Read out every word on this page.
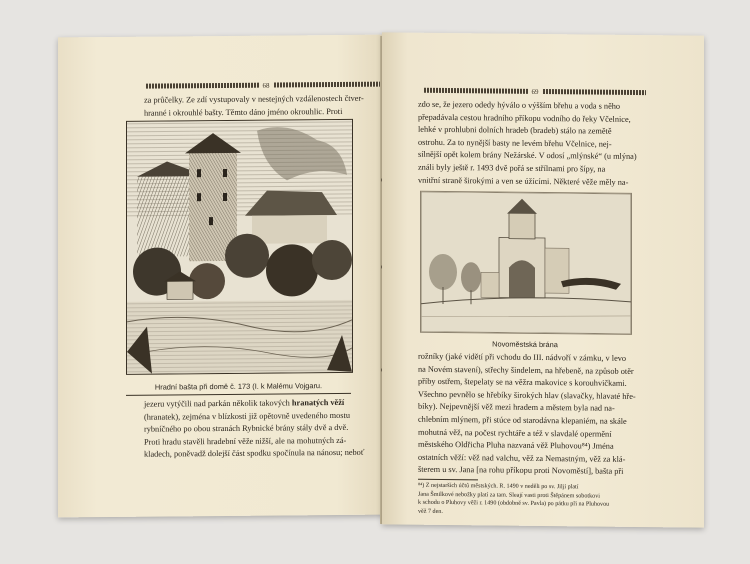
68

za průčelky. Ze zdí vystupovaly v nestejných vzdálenostech čtver-

hranné i okrouhlé bašty. Těmto dáno jméno okrouhlic. Proti

Hradní bašta při domě č. 173 (I. k Malému Vojgaru.

jezeru vytýčili nad parkán několik takových hranatých věží

(hranatek), zejména v blízkosti již opětovně uvedeného mostu

rybníčného po obou stranách Rybnické brány stály dvě a dvě.

Proti hradu stavěli hradební věže nižší, ale na mohutných zá-

kladech, poněvadž dolejší část spodku spočínula na nánosu; neboť

69

zdo se, že jezero odedy hýválo o výšším břehu a voda s něho

přepadávala cestou hradního příkopu vodního do řeky Včelnice,

lehké v prohlubni dolních hradeb (bradeb) stálo na zemětě

ostrohu. Za to nynější basty ne levém břehu Včelnice, nej-

sílnější opět kolem brány Nežárské. V odosí „mlýnské“ (u mlýna)

ználi byly ještě r. 1493 dvě pořá se střílnami pro šípy, na

vnitřní straně širokými a ven se úžícími. Některé věže měly na-

Novoměstská brána

rožníky (jaké vidětí při vchodu do III. nádvoří v zámku, v levo

na Novém stavení), střechy šindelem, na hřebeně, na způsob otěr

příby ostřem, štepelaty se na věžra makovice s korouhvičkami.

Všechno pevnělo se hřebíky širokých hlav (slavačky, hlavaté hře-

bíky). Nejpevnější věž mezi hradem a městem byla nad na-

chlebním mlýnem, při stúce od starodávna klepaniém, na skále

mohutná věž, na počest rychtáře a též v slavdalé opermění

městského Oldřicha Pluha nazvaná věž Pluhovou⁸⁴) Jména

ostatních věží: věž nad valchu, věž za Nemastným, věž za klá-

šterem u sv. Jana [na rohu příkopu proti Novoměstí], bašta při

⁸⁴) Z nejstarších účtů městských. R. 1490 v neděli po sv. Jiljí platí
Jana Šmilkové nebožky platí za tam. Sleají vasti proti Štěpánem sobotkovi
k schodu o Pluhovy věži r. 1490 (obdobně sv. Pavla) po pátku při na Pluhovou
věž 7 den.
